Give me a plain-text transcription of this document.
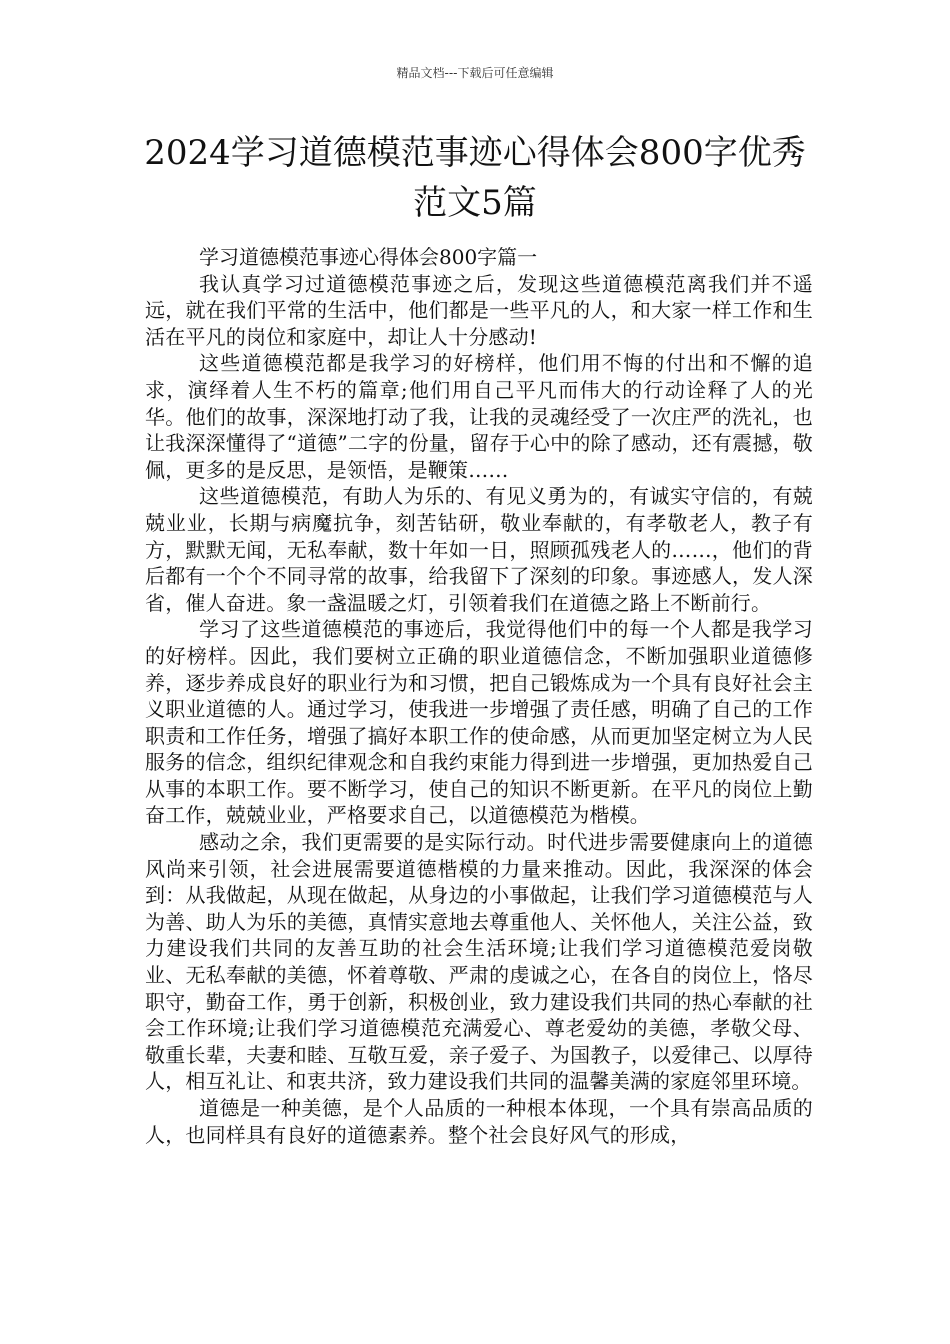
精品文档---下载后可任意编辑
2024学习道德模范事迹心得体会800字优秀范文5篇

学习道德模范事迹心得体会800字篇一

我认真学习过道德模范事迹之后，发现这些道德模范离我们并不遥远，就在我们平常的生活中，他们都是一些平凡的人，和大家一样工作和生活在平凡的岗位和家庭中，却让人十分感动!

这些道德模范都是我学习的好榜样，他们用不悔的付出和不懈的追求，演绎着人生不朽的篇章;他们用自己平凡而伟大的行动诠释了人的光华。他们的故事，深深地打动了我，让我的灵魂经受了一次庄严的洗礼，也让我深深懂得了“道德”二字的份量，留存于心中的除了感动，还有震撼，敬佩，更多的是反思，是领悟，是鞭策……

这些道德模范，有助人为乐的、有见义勇为的，有诚实守信的，有兢兢业业，长期与病魔抗争，刻苦钻研，敬业奉献的，有孝敬老人，教子有方，默默无闻，无私奉献，数十年如一日，照顾孤残老人的……，他们的背后都有一个个不同寻常的故事，给我留下了深刻的印象。事迹感人，发人深省，催人奋进。象一盏温暖之灯，引领着我们在道德之路上不断前行。

学习了这些道德模范的事迹后，我觉得他们中的每一个人都是我学习的好榜样。因此，我们要树立正确的职业道德信念，不断加强职业道德修养，逐步养成良好的职业行为和习惯，把自己锻炼成为一个具有良好社会主义职业道德的人。通过学习，使我进一步增强了责任感，明确了自己的工作职责和工作任务，增强了搞好本职工作的使命感，从而更加坚定树立为人民服务的信念，组织纪律观念和自我约束能力得到进一步增强，更加热爱自己从事的本职工作。要不断学习，使自己的知识不断更新。在平凡的岗位上勤奋工作，兢兢业业，严格要求自己，以道德模范为楷模。

感动之余，我们更需要的是实际行动。时代进步需要健康向上的道德风尚来引领，社会进展需要道德楷模的力量来推动。因此，我深深的体会到：从我做起，从现在做起，从身边的小事做起，让我们学习道德模范与人为善、助人为乐的美德，真情实意地去尊重他人、关怀他人，关注公益，致力建设我们共同的友善互助的社会生活环境;让我们学习道德模范爱岗敬业、无私奉献的美德，怀着尊敬、严肃的虔诚之心，在各自的岗位上，恪尽职守，勤奋工作，勇于创新，积极创业，致力建设我们共同的热心奉献的社会工作环境;让我们学习道德模范充满爱心、尊老爱幼的美德，孝敬父母、敬重长辈，夫妻和睦、互敬互爱，亲子爱子、为国教子，以爱律己、以厚待人，相互礼让、和衷共济，致力建设我们共同的温馨美满的家庭邻里环境。

道德是一种美德，是个人品质的一种根本体现，一个具有崇高品质的人，也同样具有良好的道德素养。整个社会良好风气的形成，
